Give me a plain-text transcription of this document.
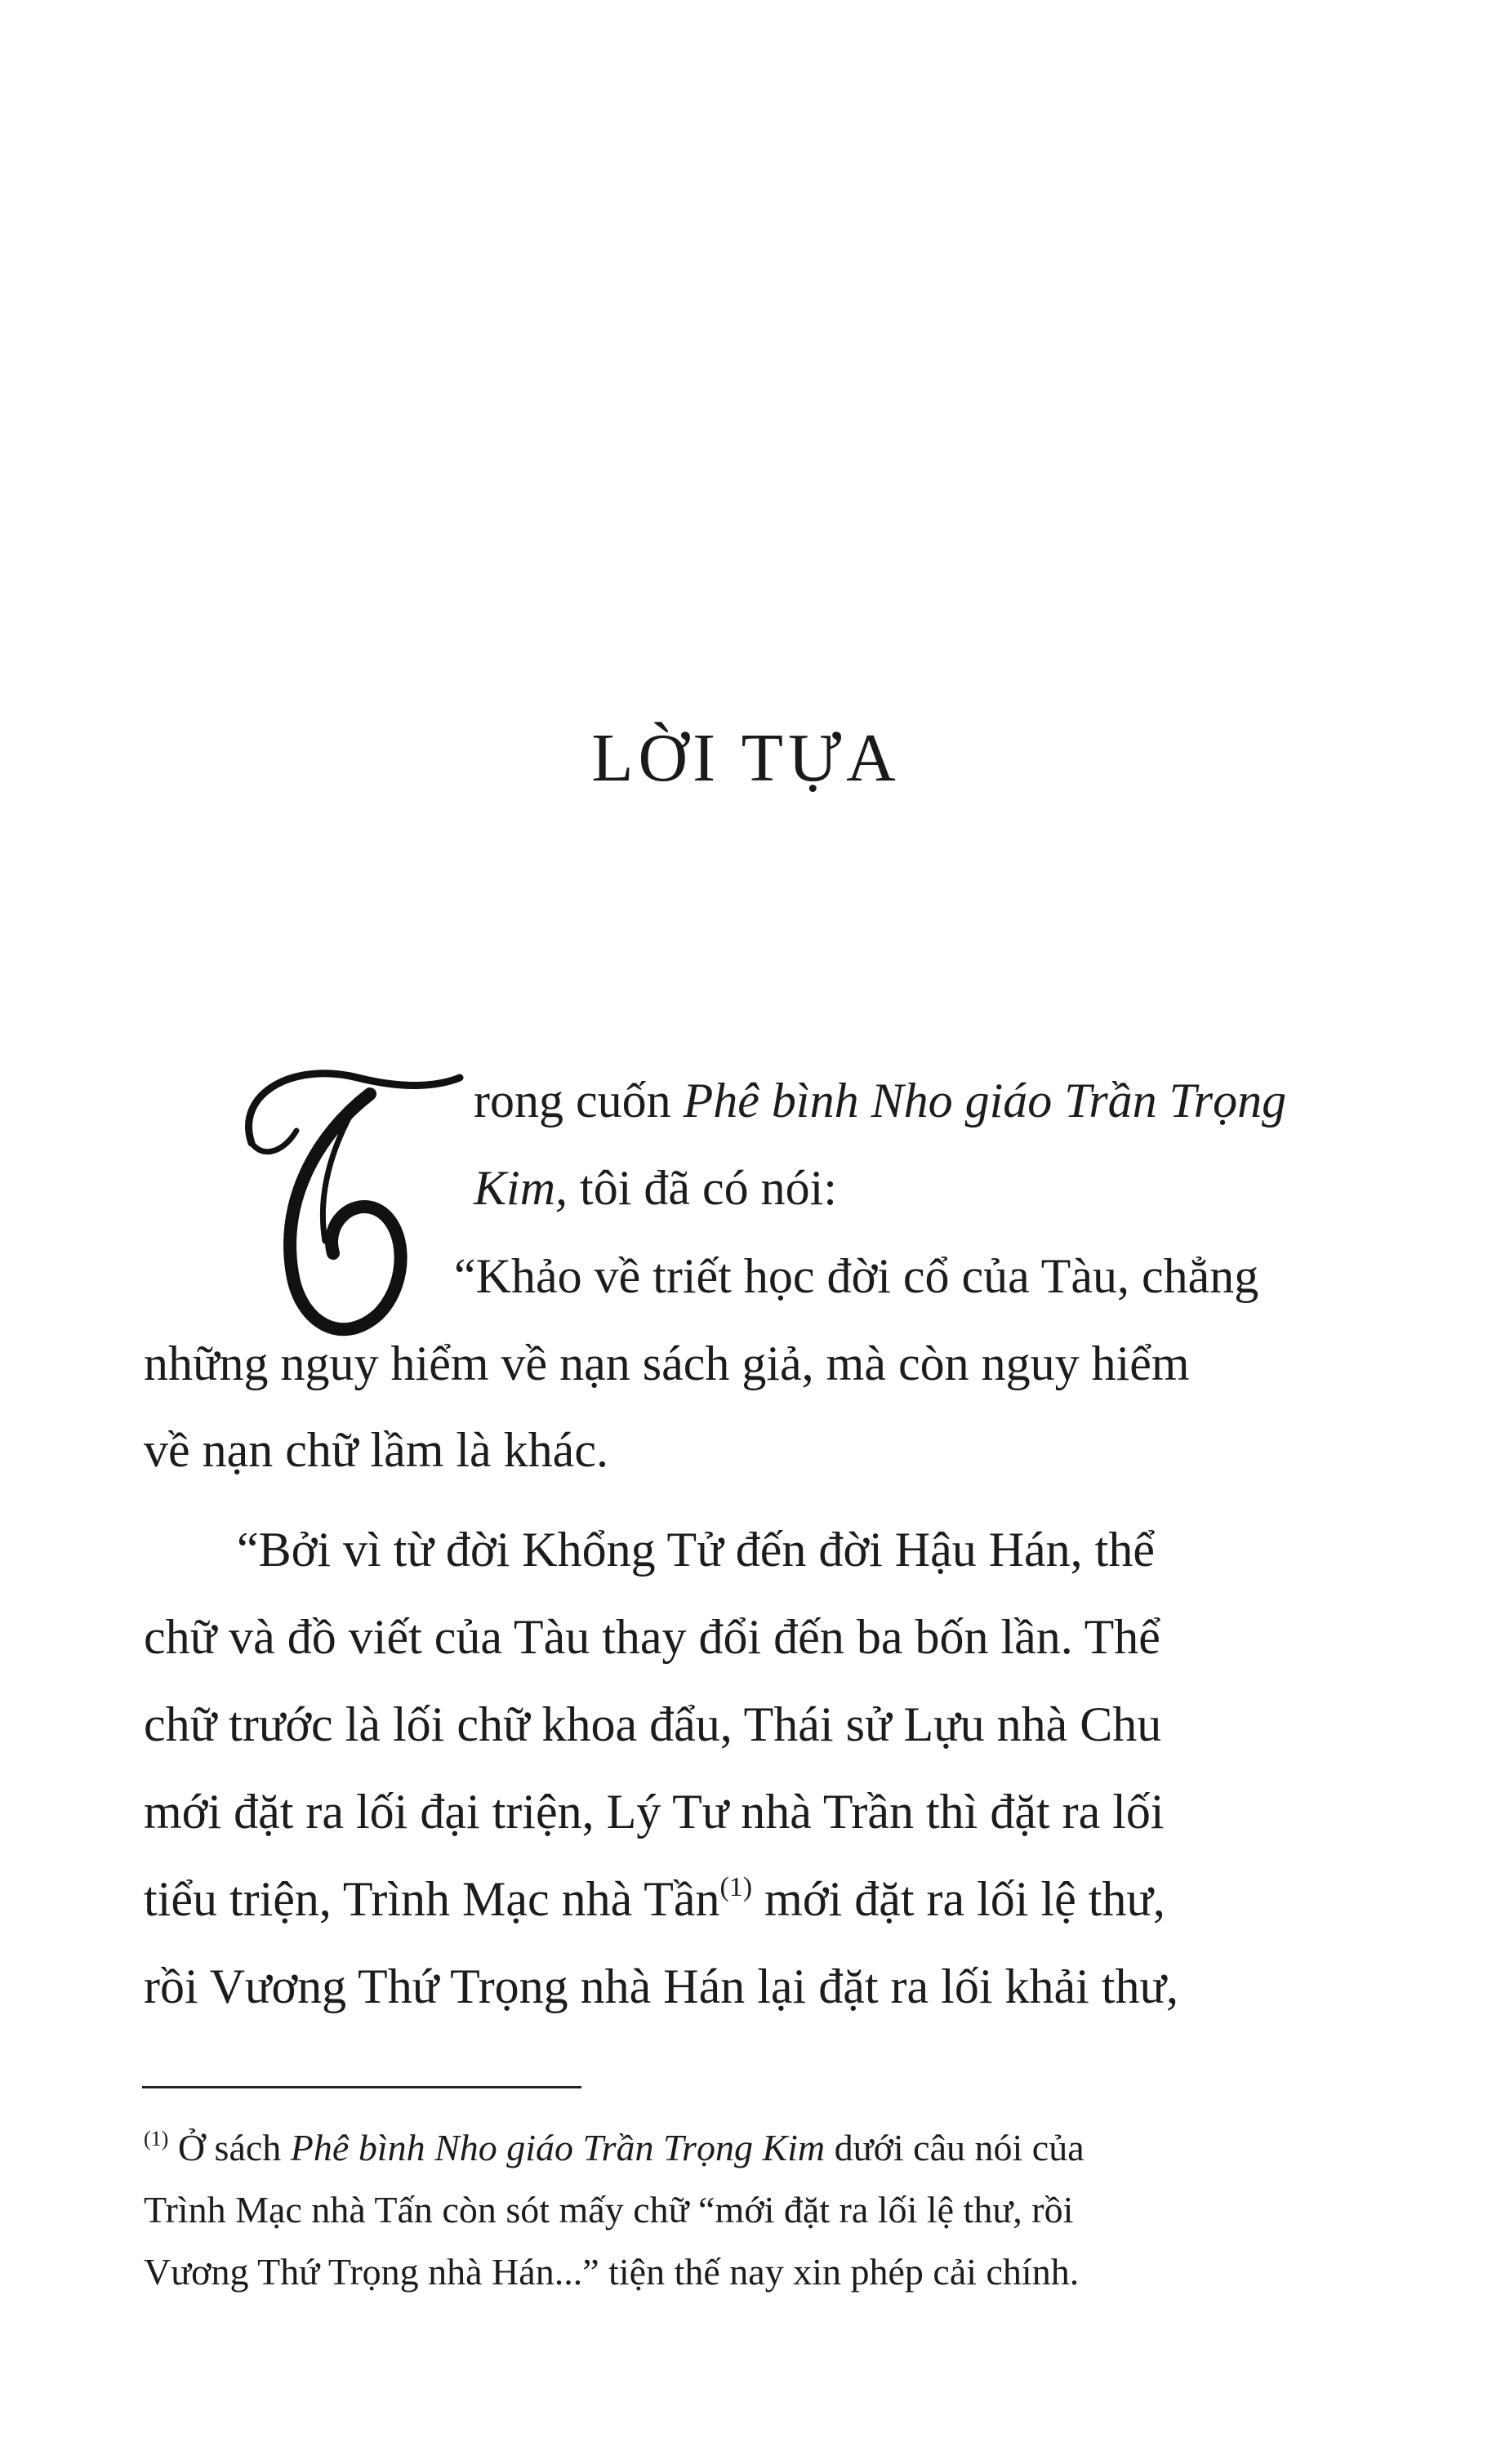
LỜI TỰA
rong cuốn Phê bình Nho giáo Trần Trọng
Kim, tôi đã có nói:
“Khảo về triết học đời cổ của Tàu, chẳng
những nguy hiểm về nạn sách giả, mà còn nguy hiểm
về nạn chữ lầm là khác.
“Bởi vì từ đời Khổng Tử đến đời Hậu Hán, thể
chữ và đồ viết của Tàu thay đổi đến ba bốn lần. Thể
chữ trước là lối chữ khoa đẩu, Thái sử Lựu nhà Chu
mới đặt ra lối đại triện, Lý Tư nhà Trần thì đặt ra lối
tiểu triện, Trình Mạc nhà Tần$^{(1)}$ mới đặt ra lối lệ thư,
rồi Vương Thứ Trọng nhà Hán lại đặt ra lối khải thư,
$^{(1)}$ Ở sách Phê bình Nho giáo Trần Trọng Kim dưới câu nói của
Trình Mạc nhà Tấn còn sót mấy chữ “mới đặt ra lối lệ thư, rồi
Vương Thứ Trọng nhà Hán...” tiện thế nay xin phép cải chính.
